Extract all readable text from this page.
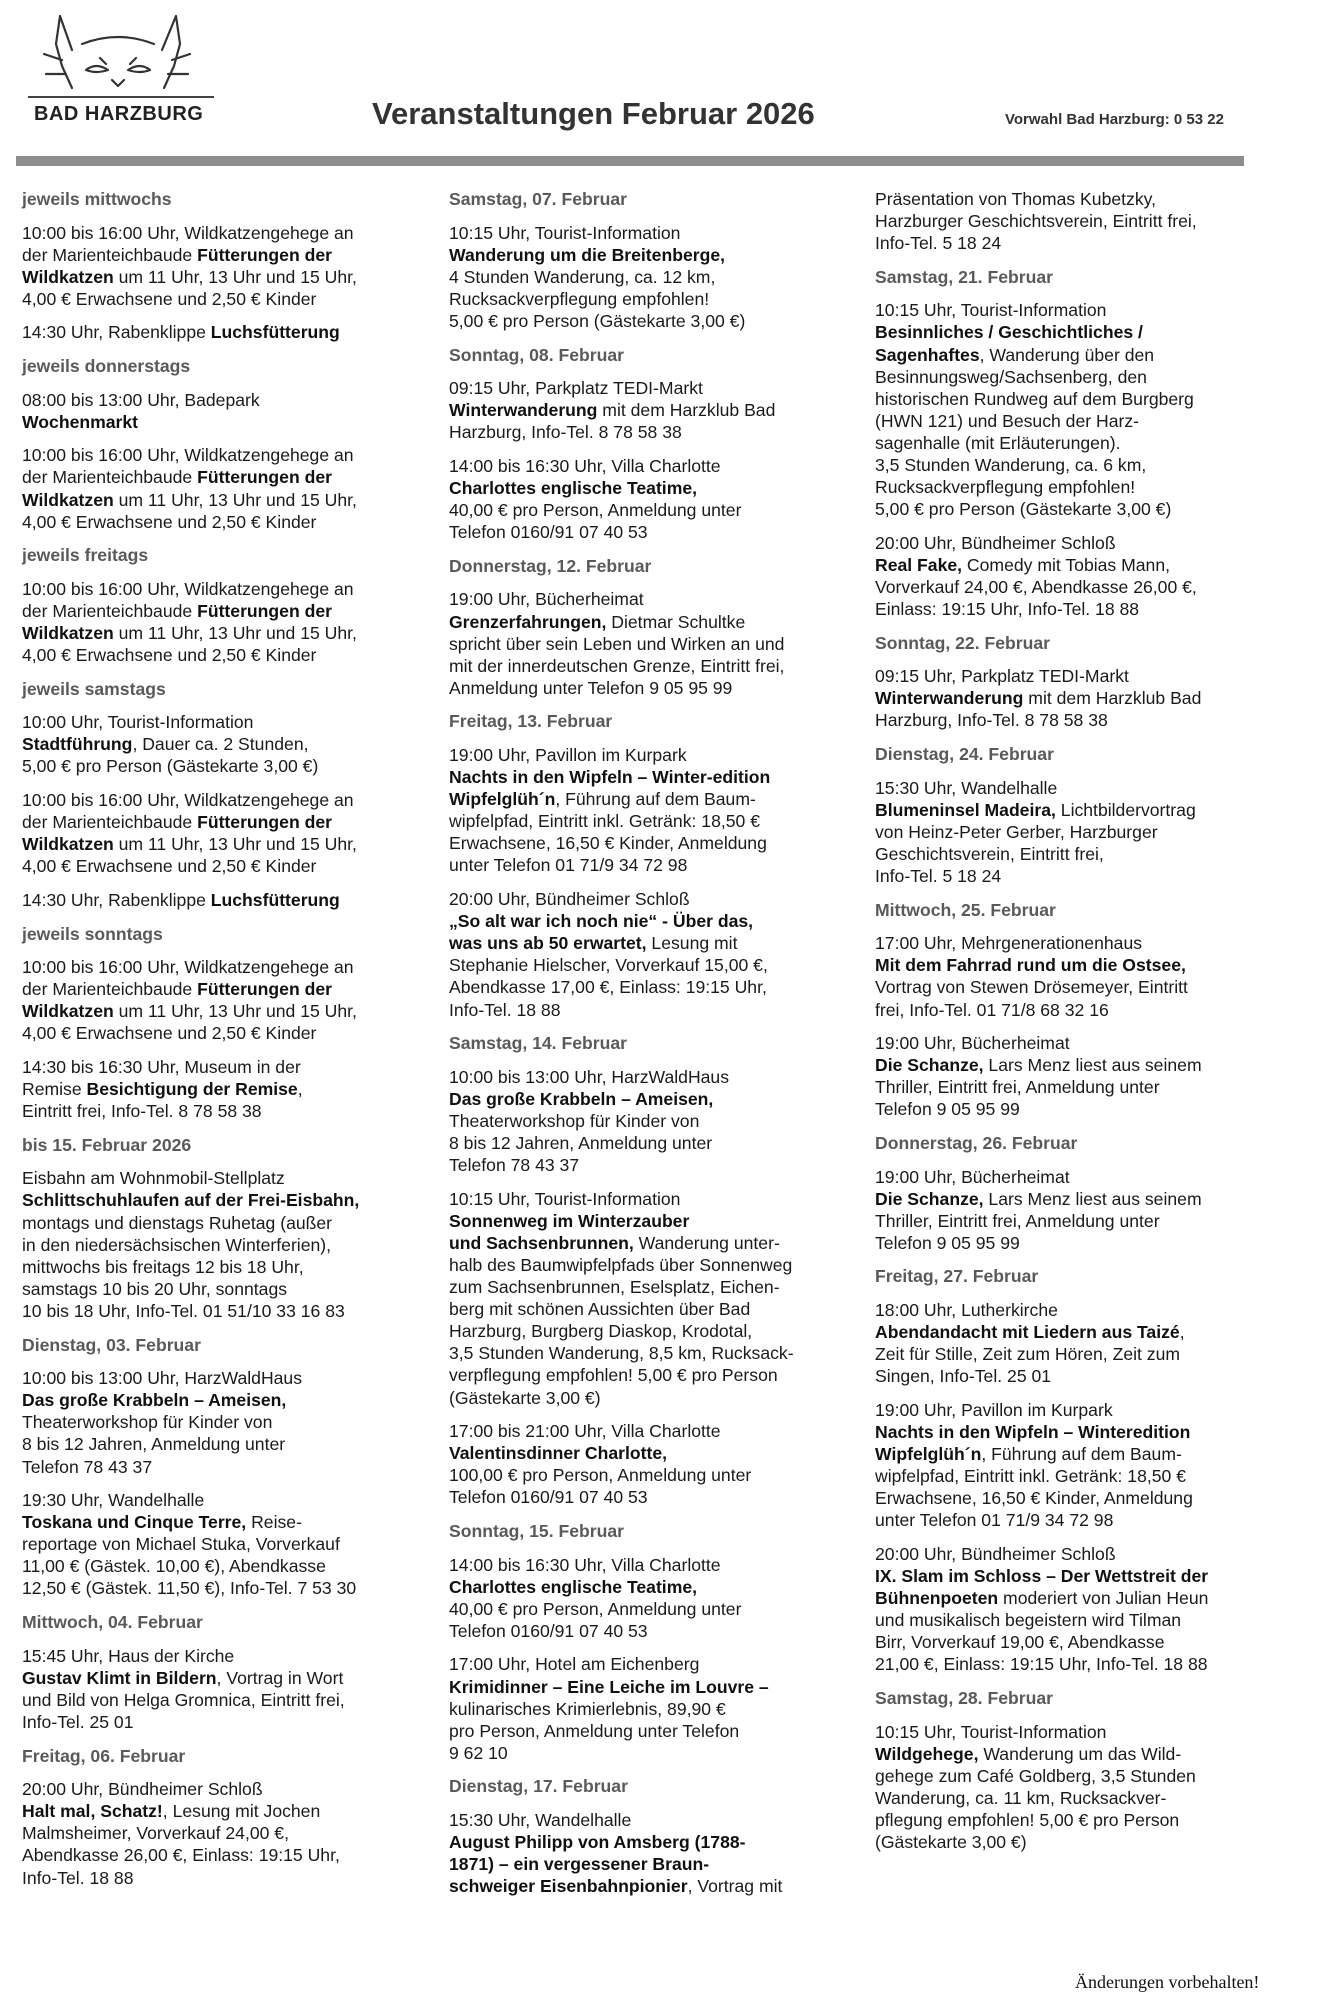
BAD HARZBURG	Veranstaltungen Februar 2026	Vorwahl Bad Harzburg: 0 53 22
jeweils mittwochs
10:00 bis 16:00 Uhr, Wildkatzengehege an
der Marienteichbaude Fütterungen der
Wildkatzen um 11 Uhr, 13 Uhr und 15 Uhr,
4,00 € Erwachsene und 2,50 € Kinder
14:30 Uhr, Rabenklippe Luchsfütterung
jeweils donnerstags
08:00 bis 13:00 Uhr, Badepark
Wochenmarkt
10:00 bis 16:00 Uhr, Wildkatzengehege an
der Marienteichbaude Fütterungen der
Wildkatzen um 11 Uhr, 13 Uhr und 15 Uhr,
4,00 € Erwachsene und 2,50 € Kinder
jeweils freitags
10:00 bis 16:00 Uhr, Wildkatzengehege an
der Marienteichbaude Fütterungen der
Wildkatzen um 11 Uhr, 13 Uhr und 15 Uhr,
4,00 € Erwachsene und 2,50 € Kinder
jeweils samstags
10:00 Uhr, Tourist-Information
Stadtführung, Dauer ca. 2 Stunden,
5,00 € pro Person (Gästekarte 3,00 €)
10:00 bis 16:00 Uhr, Wildkatzengehege an
der Marienteichbaude Fütterungen der
Wildkatzen um 11 Uhr, 13 Uhr und 15 Uhr,
4,00 € Erwachsene und 2,50 € Kinder
14:30 Uhr, Rabenklippe Luchsfütterung
jeweils sonntags
10:00 bis 16:00 Uhr, Wildkatzengehege an
der Marienteichbaude Fütterungen der
Wildkatzen um 11 Uhr, 13 Uhr und 15 Uhr,
4,00 € Erwachsene und 2,50 € Kinder
14:30 bis 16:30 Uhr, Museum in der
Remise Besichtigung der Remise,
Eintritt frei, Info-Tel. 8 78 58 38
bis 15. Februar 2026
Eisbahn am Wohnmobil-Stellplatz
Schlittschuhlaufen auf der Frei-Eisbahn,
montags und dienstags Ruhetag (außer
in den niedersächsischen Winterferien),
mittwochs bis freitags 12 bis 18 Uhr,
samstags 10 bis 20 Uhr, sonntags
10 bis 18 Uhr, Info-Tel. 01 51/10 33 16 83
Dienstag, 03. Februar
10:00 bis 13:00 Uhr, HarzWaldHaus
Das große Krabbeln – Ameisen,
Theaterworkshop für Kinder von
8 bis 12 Jahren, Anmeldung unter
Telefon 78 43 37
19:30 Uhr, Wandelhalle
Toskana und Cinque Terre, Reise-
reportage von Michael Stuka, Vorverkauf
11,00 € (Gästek. 10,00 €), Abendkasse
12,50 € (Gästek. 11,50 €), Info-Tel. 7 53 30
Mittwoch, 04. Februar
15:45 Uhr, Haus der Kirche
Gustav Klimt in Bildern, Vortrag in Wort
und Bild von Helga Gromnica, Eintritt frei,
Info-Tel. 25 01
Freitag, 06. Februar
20:00 Uhr, Bündheimer Schloß
Halt mal, Schatz!, Lesung mit Jochen
Malmsheimer, Vorverkauf 24,00 €,
Abendkasse 26,00 €, Einlass: 19:15 Uhr,
Info-Tel. 18 88
Samstag, 07. Februar
10:15 Uhr, Tourist-Information
Wanderung um die Breitenberge,
4 Stunden Wanderung, ca. 12 km,
Rucksackverpflegung empfohlen!
5,00 € pro Person (Gästekarte 3,00 €)
Sonntag, 08. Februar
09:15 Uhr, Parkplatz TEDI-Markt
Winterwanderung mit dem Harzklub Bad
Harzburg, Info-Tel. 8 78 58 38
14:00 bis 16:30 Uhr, Villa Charlotte
Charlottes englische Teatime,
40,00 € pro Person, Anmeldung unter
Telefon 0160/91 07 40 53
Donnerstag, 12. Februar
19:00 Uhr, Bücherheimat
Grenzerfahrungen, Dietmar Schultke
spricht über sein Leben und Wirken an und
mit der innerdeutschen Grenze, Eintritt frei,
Anmeldung unter Telefon 9 05 95 99
Freitag, 13. Februar
19:00 Uhr, Pavillon im Kurpark
Nachts in den Wipfeln – Winter-edition
Wipfelglüh´n, Führung auf dem Baum-
wipfelpfad, Eintritt inkl. Getränk: 18,50 €
Erwachsene, 16,50 € Kinder, Anmeldung
unter Telefon 01 71/9 34 72 98
20:00 Uhr, Bündheimer Schloß
„So alt war ich noch nie“ - Über das,
was uns ab 50 erwartet, Lesung mit
Stephanie Hielscher, Vorverkauf 15,00 €,
Abendkasse 17,00 €, Einlass: 19:15 Uhr,
Info-Tel. 18 88
Samstag, 14. Februar
10:00 bis 13:00 Uhr, HarzWaldHaus
Das große Krabbeln – Ameisen,
Theaterworkshop für Kinder von
8 bis 12 Jahren, Anmeldung unter
Telefon 78 43 37
10:15 Uhr, Tourist-Information
Sonnenweg im Winterzauber
und Sachsenbrunnen, Wanderung unter-
halb des Baumwipfelpfads über Sonnenweg
zum Sachsenbrunnen, Eselsplatz, Eichen-
berg mit schönen Aussichten über Bad
Harzburg, Burgberg Diaskop, Krodotal,
3,5 Stunden Wanderung, 8,5 km, Rucksack-
verpflegung empfohlen! 5,00 € pro Person
(Gästekarte 3,00 €)
17:00 bis 21:00 Uhr, Villa Charlotte
Valentinsdinner Charlotte,
100,00 € pro Person, Anmeldung unter
Telefon 0160/91 07 40 53
Sonntag, 15. Februar
14:00 bis 16:30 Uhr, Villa Charlotte
Charlottes englische Teatime,
40,00 € pro Person, Anmeldung unter
Telefon 0160/91 07 40 53
17:00 Uhr, Hotel am Eichenberg
Krimidinner – Eine Leiche im Louvre –
kulinarisches Krimierlebnis, 89,90 €
pro Person, Anmeldung unter Telefon
9 62 10
Dienstag, 17. Februar
15:30 Uhr, Wandelhalle
August Philipp von Amsberg (1788-
1871) – ein vergessener Braun-
schweiger Eisenbahnpionier, Vortrag mit
Präsentation von Thomas Kubetzky,
Harzburger Geschichtsverein, Eintritt frei,
Info-Tel. 5 18 24
Samstag, 21. Februar
10:15 Uhr, Tourist-Information
Besinnliches / Geschichtliches /
Sagenhaftes, Wanderung über den
Besinnungsweg/Sachsenberg, den
historischen Rundweg auf dem Burgberg
(HWN 121) und Besuch der Harz-
sagenhalle (mit Erläuterungen).
3,5 Stunden Wanderung, ca. 6 km,
Rucksackverpflegung empfohlen!
5,00 € pro Person (Gästekarte 3,00 €)
20:00 Uhr, Bündheimer Schloß
Real Fake, Comedy mit Tobias Mann,
Vorverkauf 24,00 €, Abendkasse 26,00 €,
Einlass: 19:15 Uhr, Info-Tel. 18 88
Sonntag, 22. Februar
09:15 Uhr, Parkplatz TEDI-Markt
Winterwanderung mit dem Harzklub Bad
Harzburg, Info-Tel. 8 78 58 38
Dienstag, 24. Februar
15:30 Uhr, Wandelhalle
Blumeninsel Madeira, Lichtbildervortrag
von Heinz-Peter Gerber, Harzburger
Geschichtsverein, Eintritt frei,
Info-Tel. 5 18 24
Mittwoch, 25. Februar
17:00 Uhr, Mehrgenerationenhaus
Mit dem Fahrrad rund um die Ostsee,
Vortrag von Stewen Drösemeyer, Eintritt
frei, Info-Tel. 01 71/8 68 32 16
19:00 Uhr, Bücherheimat
Die Schanze, Lars Menz liest aus seinem
Thriller, Eintritt frei, Anmeldung unter
Telefon 9 05 95 99
Donnerstag, 26. Februar
19:00 Uhr, Bücherheimat
Die Schanze, Lars Menz liest aus seinem
Thriller, Eintritt frei, Anmeldung unter
Telefon 9 05 95 99
Freitag, 27. Februar
18:00 Uhr, Lutherkirche
Abendandacht mit Liedern aus Taizé,
Zeit für Stille, Zeit zum Hören, Zeit zum
Singen, Info-Tel. 25 01
19:00 Uhr, Pavillon im Kurpark
Nachts in den Wipfeln – Winteredition
Wipfelglüh´n, Führung auf dem Baum-
wipfelpfad, Eintritt inkl. Getränk: 18,50 €
Erwachsene, 16,50 € Kinder, Anmeldung
unter Telefon 01 71/9 34 72 98
20:00 Uhr, Bündheimer Schloß
IX. Slam im Schloss – Der Wettstreit der
Bühnenpoeten moderiert von Julian Heun
und musikalisch begeistern wird Tilman
Birr, Vorverkauf 19,00 €, Abendkasse
21,00 €, Einlass: 19:15 Uhr, Info-Tel. 18 88
Samstag, 28. Februar
10:15 Uhr, Tourist-Information
Wildgehege, Wanderung um das Wild-
gehege zum Café Goldberg, 3,5 Stunden
Wanderung, ca. 11 km, Rucksackver-
pflegung empfohlen! 5,00 € pro Person
(Gästekarte 3,00 €)
Änderungen vorbehalten!
